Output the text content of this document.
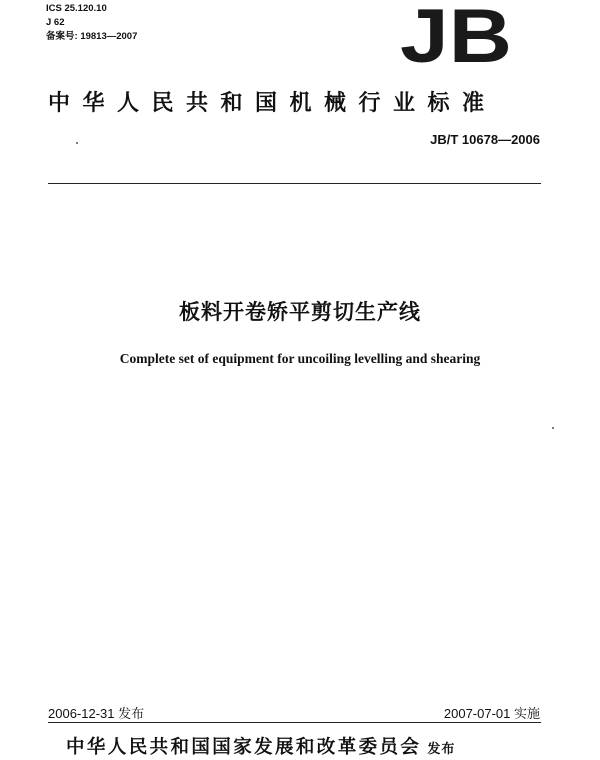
ICS 25.120.10
J 62
备案号: 19813—2007	JB
中华人民共和国机械行业标准
JB/T 10678—2006
板料开卷矫平剪切生产线
Complete set of equipment for uncoiling levelling and shearing
2006-12-31 发布	2007-07-01 实施
中华人民共和国国家发展和改革委员会 发布
